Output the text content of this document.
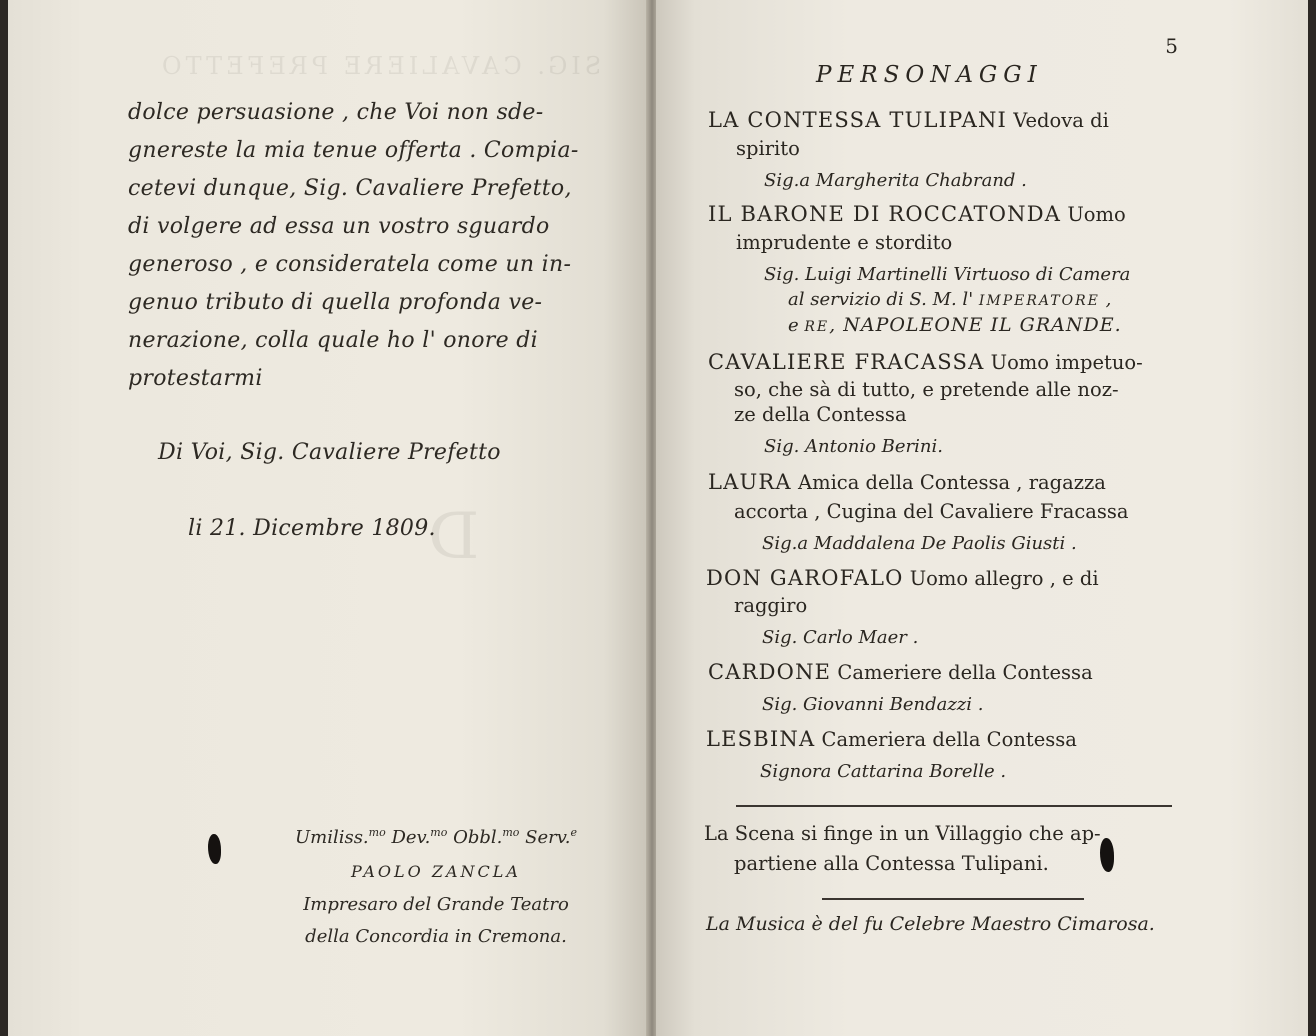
SIG. CAVALIERE PREFETTO
D
dolce persuasione , che Voi non sde-
gnereste la mia tenue offerta . Compia-
cetevi dunque, Sig. Cavaliere Prefetto,
di volgere ad essa un vostro sguardo
generoso , e consideratela come un in-
genuo tributo di quella profonda ve-
nerazione, colla quale ho l' onore di
protestarmi
Di Voi, Sig. Cavaliere Prefetto
li 21. Dicembre 1809.
Umiliss.$^{mo}$ Dev.$^{mo}$ Obbl.$^{mo}$ Serv.$^e$
PAOLO ZANCLA
Impresaro del Grande Teatro
della Concordia in Cremona.
5
PERSONAGGI
LA CONTESSA TULIPANI Vedova di
spirito
Sig.a Margherita Chabrand .
IL BARONE DI ROCCATONDA Uomo
imprudente e stordito
Sig. Luigi Martinelli Virtuoso di Camera
al servizio di S. M. l' IMPERATORE ,
e RE, NAPOLEONE IL GRANDE.
CAVALIERE FRACASSA Uomo impetuo-
so, che sà di tutto, e pretende alle noz-
ze della Contessa
Sig. Antonio Berini.
LAURA Amica della Contessa , ragazza
accorta , Cugina del Cavaliere Fracassa
Sig.a Maddalena De Paolis Giusti .
DON GAROFALO Uomo allegro , e di
raggiro
Sig. Carlo Maer .
CARDONE Cameriere della Contessa
Sig. Giovanni Bendazzi .
LESBINA Cameriera della Contessa
Signora Cattarina Borelle .
La Scena si finge in un Villaggio che ap-
partiene alla Contessa Tulipani.
La Musica è del fu Celebre Maestro Cimarosa.
